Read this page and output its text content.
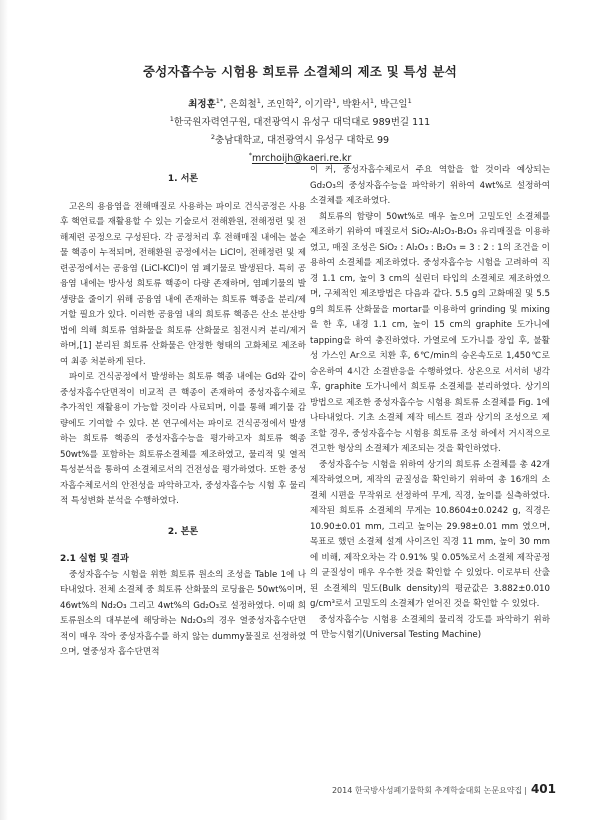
중성자흡수능 시험용 희토류 소결체의 제조 및 특성 분석
최정훈$^{1*}$, 은희철$^1$, 조인학$^2$, 이기락$^1$, 박환서$^1$, 박근일$^1$
$^1$한국원자력연구원, 대전광역시 유성구 대덕대로 989번길 111
$^2$충남대학교, 대전광역시 유성구 대학로 99
*mrchoijh@kaeri.re.kr
1. 서론

고온의 용융염을 전해매질로 사용하는 파이로 건식공정은 사용후 핵연료를 재활용할 수 있는 기술로서 전해환원, 전해정련 및 전해제련 공정으로 구성된다. 각 공정처리 후 전해매질 내에는 불순물 핵종이 누적되며, 전해환원 공정에서는 LiCl이, 전해정련 및 제련공정에서는 공융염 (LiCl-KCl)이 염 폐기물로 발생된다. 특히 공융염 내에는 방사성 희토류 핵종이 다량 존재하며, 염폐기물의 발생량을 줄이기 위해 공융염 내에 존재하는 희토류 핵종을 분리/제거할 필요가 있다. 이러한 공융염 내의 희토류 핵종은 산소 분산방법에 의해 희토류 염화물을 희토류 산화물로 침전시켜 분리/제거하며,[1] 분리된 희토류 산화물은 안정한 형태의 고화체로 제조하여 최종 처분하게 된다.

파이로 건식공정에서 발생하는 희토류 핵종 내에는 Gd와 같이 중성자흡수단면적이 비교적 큰 핵종이 존재하여 중성자흡수체로 추가적인 재활용이 가능할 것이라 사료되며, 이를 통해 폐기물 감량에도 기여할 수 있다. 본 연구에서는 파이로 건식공정에서 발생하는 희토류 핵종의 중성자흡수능을 평가하고자 희토류 핵종 50wt%를 포함하는 희토류소결체를 제조하였고, 물리적 및 열적 특성분석을 통하여 소결체로서의 건전성을 평가하였다. 또한 중성자흡수체로서의 안전성을 파악하고자, 중성자흡수능 시험 후 물리적 특성변화 분석을 수행하였다.

2. 본론
2.1 실험 및 결과

중성자흡수능 시험을 위한 희토류 원소의 조성을 Table 1에 나타내었다. 전체 소결체 중 희토류 산화물의 로딩율은 50wt%이며, 46wt%의 Nd₂O₃ 그리고 4wt%의 Gd₂O₃로 설정하였다. 이때 희토류원소의 대부분에 해당하는 Nd₂O₃의 경우 열중성자흡수단면적이 매우 작아 중성자흡수를 하지 않는 dummy물질로 선정하였으며, 열중성자 흡수단면적

이 커, 중성자흡수체로서 주요 역할을 할 것이라 예상되는 Gd₂O₃의 중성자흡수능을 파악하기 위하여 4wt%로 설정하여 소결체를 제조하였다.

희토류의 함량이 50wt%로 매우 높으며 고밀도인 소결체를 제조하기 위하여 매질로서 SiO₂-Al₂O₃-B₂O₃ 유리매질을 이용하였고, 매질 조성은 SiO₂ : Al₂O₃ : B₂O₃ = 3 : 2 : 1의 조건을 이용하여 소결체를 제조하였다. 중성자흡수능 시험을 고려하여 직경 1.1 cm, 높이 3 cm의 실린더 타입의 소결체로 제조하였으며, 구체적인 제조방법은 다음과 같다. 5.5 g의 고화매질 및 5.5 g의 희토류 산화물을 mortar를 이용하여 grinding 및 mixing을 한 후, 내경 1.1 cm, 높이 15 cm의 graphite 도가니에 tapping을 하여 충진하였다. 가열로에 도가니를 장입 후, 불활성 가스인 Ar으로 치환 후, 6℃/min의 승온속도로 1,450℃로 승온하여 4시간 소결반응을 수행하였다. 상온으로 서서히 냉각 후, graphite 도가니에서 희토류 소결체를 분리하였다. 상기의 방법으로 제조한 중성자흡수능 시험용 희토류 소결체를 Fig. 1에 나타내었다. 기초 소결체 제작 테스트 결과 상기의 조성으로 제조할 경우, 중성자흡수능 시험용 희토류 조성 하에서 거시적으로 견고한 형상의 소결체가 제조되는 것을 확인하였다.

중성자흡수능 시험을 위하여 상기의 희토류 소결체를 총 42개 제작하였으며, 제작의 균질성을 확인하기 위하여 총 16개의 소결체 시편을 무작위로 선정하여 무게, 직경, 높이를 실측하였다. 제작된 희토류 소결체의 무게는 10.8604±0.0242 g, 직경은 10.90±0.01 mm, 그리고 높이는 29.98±0.01 mm 였으며, 목표로 했던 소결체 설계 사이즈인 직경 11 mm, 높이 30 mm에 비해, 제작오차는 각 0.91% 및 0.05%로서 소결체 제작공정의 균질성이 매우 우수한 것을 확인할 수 있었다. 이로부터 산출된 소결체의 밀도(Bulk density)의 평균값은 3.882±0.010 g/cm³로서 고밀도의 소결체가 얻어진 것을 확인할 수 있었다.

중성자흡수능 시험용 소결체의 물리적 강도를 파악하기 위하여 만능시험기(Universal Testing Machine)

2014 한국방사성폐기물학회 추계학술대회 논문요약집 | 401
